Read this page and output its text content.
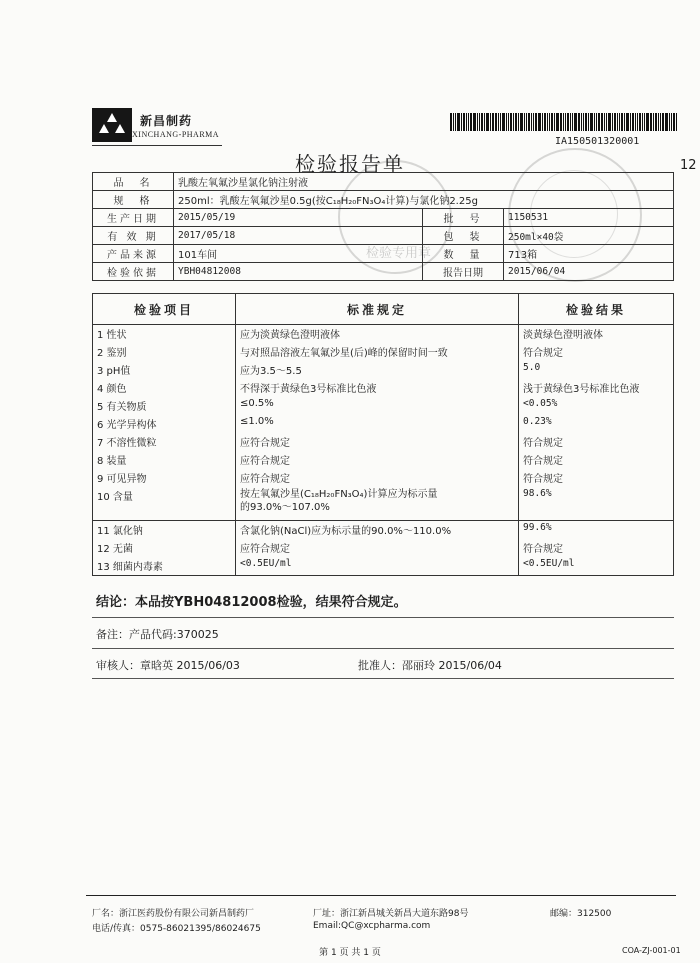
新昌制药
XINCHANG-PHARMA
IA150501320001
检验专用章
检验报告单	12
品　名	乳酸左氧氟沙星氯化钠注射液		
规　格	250ml：乳酸左氧氟沙星0.5g(按C₁₈H₂₀FN₃O₄计算)与氯化钠2.25g		
生产日期	2015/05/19	批　号	1150531
有 效 期	2017/05/18	包　装	250ml×40袋
产品来源	101车间	数　量	713箱
检验依据	YBH04812008	报告日期	2015/06/04
检验项目	标准规定	检验结果
1 性状	应为淡黄绿色澄明液体	淡黄绿色澄明液体
2 鉴别	与对照品溶液左氧氟沙星(后)峰的保留时间一致	符合规定
3 pH值	应为3.5～5.5	5.0
4 颜色	不得深于黄绿色3号标准比色液	浅于黄绿色3号标准比色液
5 有关物质	≤0.5%	<0.05%
6 光学异构体	≤1.0%	0.23%
7 不溶性微粒	应符合规定	符合规定
8 装量	应符合规定	符合规定
9 可见异物	应符合规定	符合规定
10 含量	按左氧氟沙星(C₁₈H₂₀FN₃O₄)计算应为标示量
的93.0%～107.0%	98.6%
11 氯化钠	含氯化钠(NaCl)应为标示量的90.0%～110.0%	99.6%
12 无菌	应符合规定	符合规定
13 细菌内毒素	<0.5EU/ml	<0.5EU/ml
结论：本品按YBH04812008检验，结果符合规定。
备注：产品代码:370025
审核人：章晗英 2015/06/03	批准人：邵丽玲 2015/06/04
厂名：浙江医药股份有限公司新昌制药厂	厂址：浙江新昌城关新昌大道东路98号	邮编：312500
电话/传真：0575-86021395/86024675	Email:QC@xcpharma.com
第 1 页 共 1 页	COA-ZJ-001-01
